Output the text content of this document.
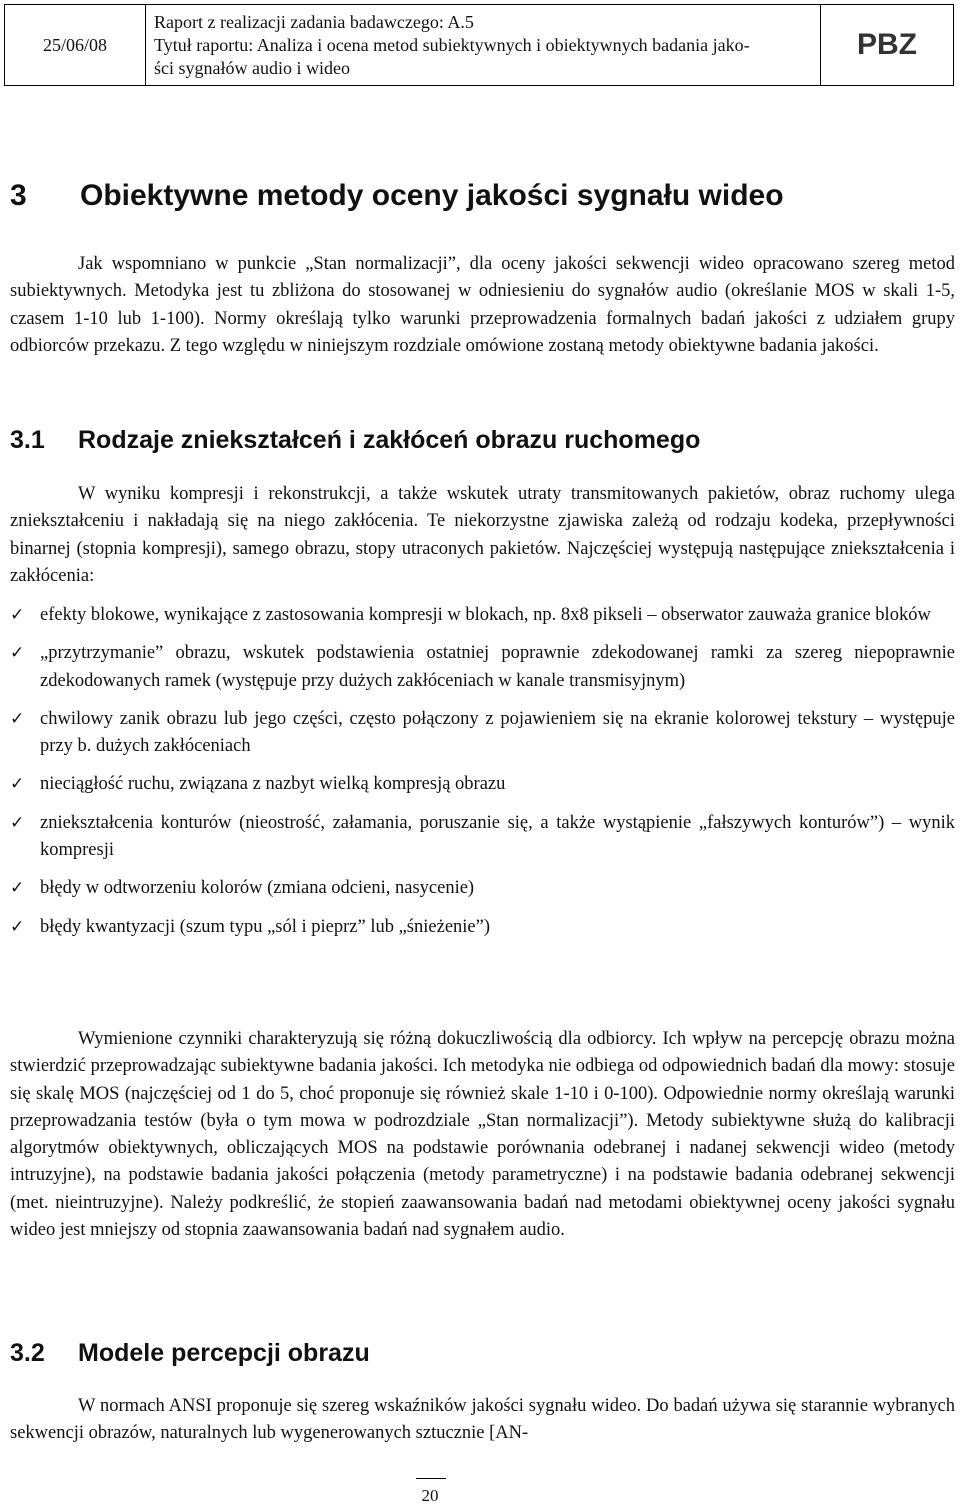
25/06/08
Raport z realizacji zadania badawczego: A.5
Tytuł raportu: Analiza i ocena metod subiektywnych i obiektywnych badania jako-
ści sygnałów audio i wideo
PBZ
3 Obiektywne metody oceny jakości sygnału wideo

Jak wspomniano w punkcie „Stan normalizacji”, dla oceny jakości sekwencji wideo opracowano szereg metod subiektywnych. Metodyka jest tu zbliżona do stosowanej w odniesieniu do sygnałów audio (określanie MOS w skali 1-5, czasem 1-10 lub 1-100). Normy określają tylko warunki przeprowadzenia formalnych badań jakości z udziałem grupy odbiorców przekazu. Z tego względu w niniejszym rozdziale omówione zostaną metody obiektywne badania jakości.

3.1 Rodzaje zniekształceń i zakłóceń obrazu ruchomego

W wyniku kompresji i rekonstrukcji, a także wskutek utraty transmitowanych pakietów, obraz ruchomy ulega zniekształceniu i nakładają się na niego zakłócenia. Te niekorzystne zjawiska zależą od rodzaju kodeka, przepływności binarnej (stopnia kompresji), samego obrazu, stopy utraconych pakietów. Najczęściej występują następujące zniekształcenia i zakłócenia:

✓ efekty blokowe, wynikające z zastosowania kompresji w blokach, np. 8x8 pikseli – obserwator zauważa granice bloków
✓ „przytrzymanie” obrazu, wskutek podstawienia ostatniej poprawnie zdekodowanej ramki za szereg niepoprawnie zdekodowanych ramek (występuje przy dużych zakłóceniach w kanale transmisyjnym)
✓ chwilowy zanik obrazu lub jego części, często połączony z pojawieniem się na ekranie kolorowej tekstury – występuje przy b. dużych zakłóceniach
✓ nieciągłość ruchu, związana z nazbyt wielką kompresją obrazu
✓ zniekształcenia konturów (nieostrość, załamania, poruszanie się, a także wystąpienie „fałszywych konturów”) – wynik kompresji
✓ błędy w odtworzeniu kolorów (zmiana odcieni, nasycenie)
✓ błędy kwantyzacji (szum typu „sól i pieprz” lub „śnieżenie”)

Wymienione czynniki charakteryzują się różną dokuczliwością dla odbiorcy. Ich wpływ na percepcję obrazu można stwierdzić przeprowadzając subiektywne badania jakości. Ich metodyka nie odbiega od odpowiednich badań dla mowy: stosuje się skalę MOS (najczęściej od 1 do 5, choć proponuje się również skale 1-10 i 0-100). Odpowiednie normy określają warunki przeprowadzania testów (była o tym mowa w podrozdziale „Stan normalizacji”). Metody subiektywne służą do kalibracji algorytmów obiektywnych, obliczających MOS na podstawie porównania odebranej i nadanej sekwencji wideo (metody intruzyjne), na podstawie badania jakości połączenia (metody parametryczne) i na podstawie badania odebranej sekwencji (met. nieintruzyjne). Należy podkreślić, że stopień zaawansowania badań nad metodami obiektywnej oceny jakości sygnału wideo jest mniejszy od stopnia zaawansowania badań nad sygnałem audio.

3.2 Modele percepcji obrazu

W normach ANSI proponuje się szereg wskaźników jakości sygnału wideo. Do badań używa się starannie wybranych sekwencji obrazów, naturalnych lub wygenerowanych sztucznie [AN-

20
